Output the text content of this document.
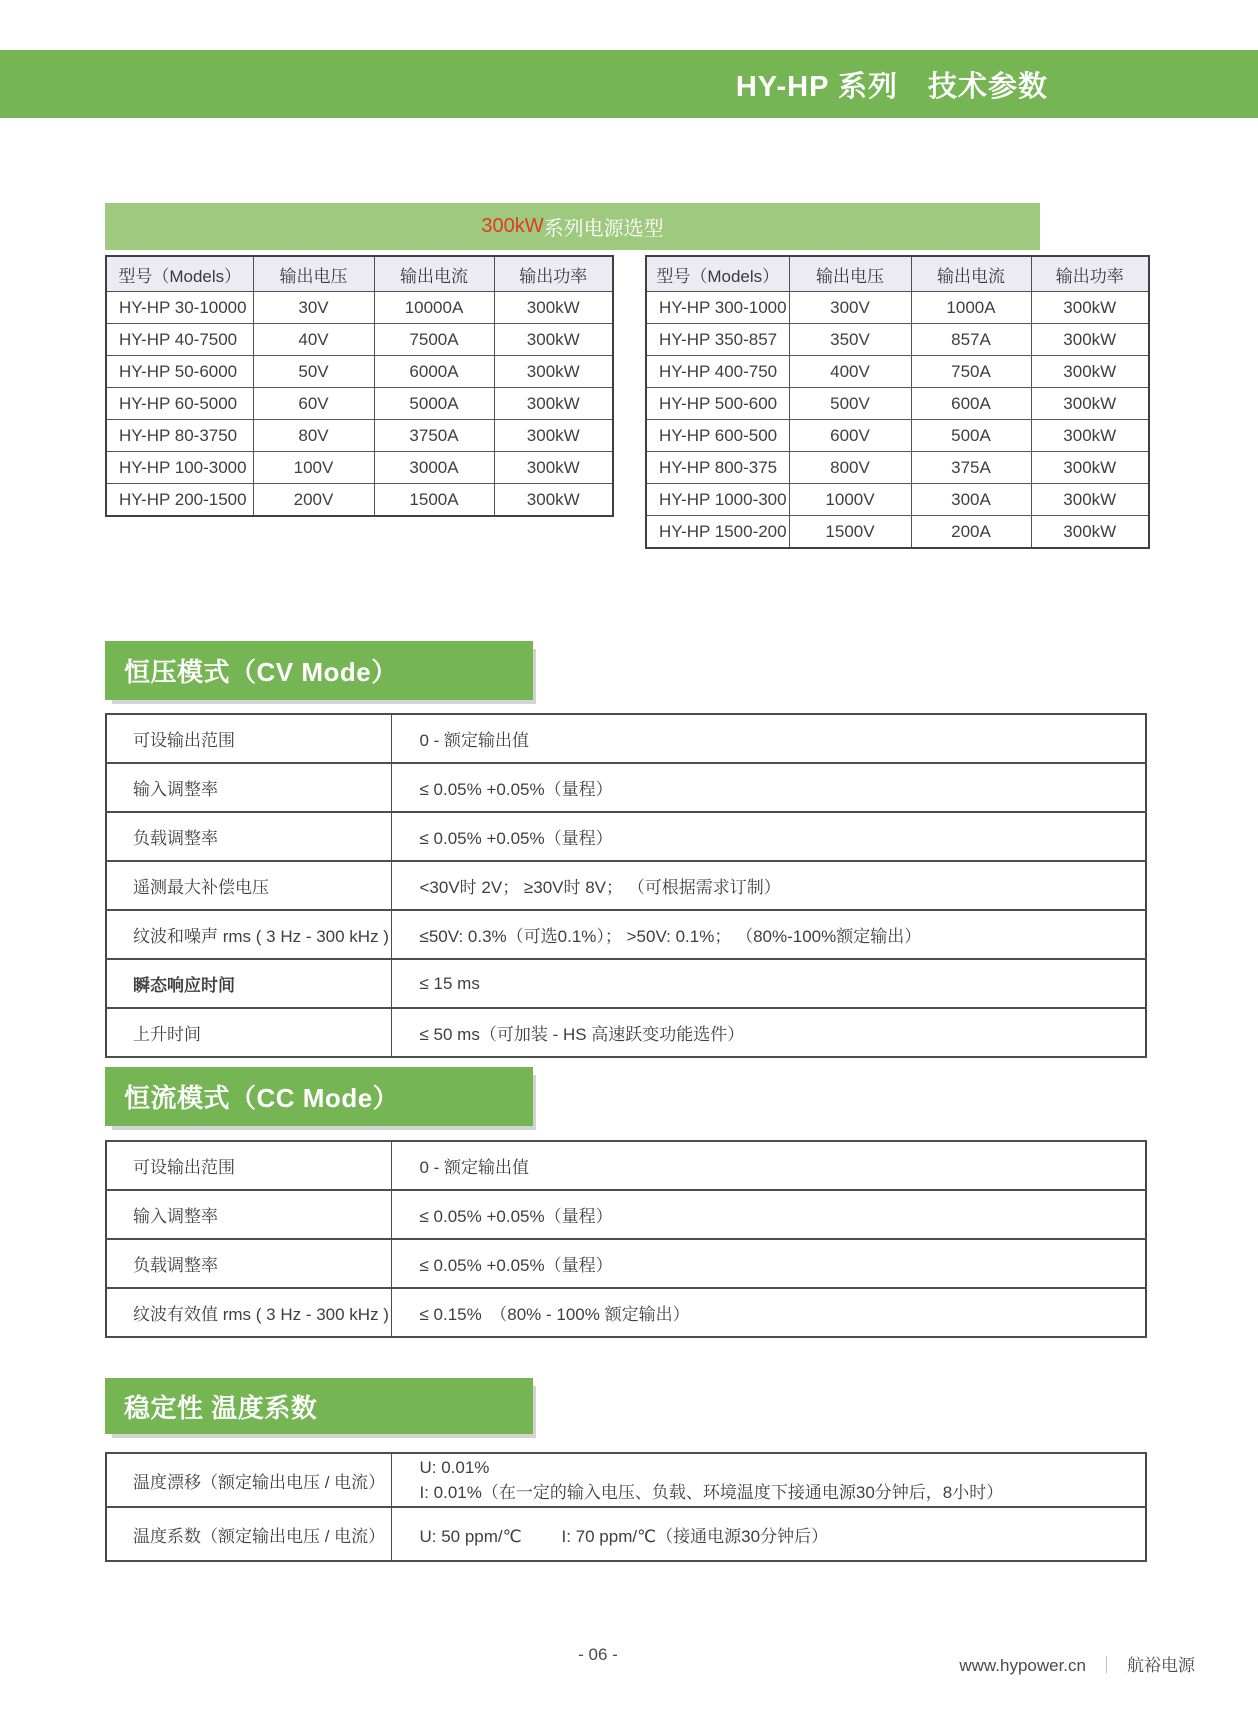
HY-HP 系列　技术参数
300kW 系列电源选型
型号（Models）	输出电压	输出电流	输出功率
HY-HP 30-10000	30V	10000A	300kW
HY-HP 40-7500	40V	7500A	300kW
HY-HP 50-6000	50V	6000A	300kW
HY-HP 60-5000	60V	5000A	300kW
HY-HP 80-3750	80V	3750A	300kW
HY-HP 100-3000	100V	3000A	300kW
HY-HP 200-1500	200V	1500A	300kW
型号（Models）	输出电压	输出电流	输出功率
HY-HP 300-1000	300V	1000A	300kW
HY-HP 350-857	350V	857A	300kW
HY-HP 400-750	400V	750A	300kW
HY-HP 500-600	500V	600A	300kW
HY-HP 600-500	600V	500A	300kW
HY-HP 800-375	800V	375A	300kW
HY-HP 1000-300	1000V	300A	300kW
HY-HP 1500-200	1500V	200A	300kW
恒压模式（CV Mode）
可设输出范围	0 - 额定输出值
输入调整率	≤ 0.05% +0.05%（量程）
负载调整率	≤ 0.05% +0.05%（量程）
遥测最大补偿电压	<30V时 2V； ≥30V时 8V； （可根据需求订制）
纹波和噪声 rms ( 3 Hz - 300 kHz )	≤50V: 0.3%（可选0.1%）； >50V: 0.1%； （80%-100%额定输出）
瞬态响应时间	≤ 15 ms
上升时间	≤ 50 ms（可加装 - HS 高速跃变功能选件）
恒流模式（CC Mode）
可设输出范围	0 - 额定输出值
输入调整率	≤ 0.05% +0.05%（量程）
负载调整率	≤ 0.05% +0.05%（量程）
纹波有效值 rms ( 3 Hz - 300 kHz )	≤ 0.15%　（80% - 100% 额定输出）
稳定性 温度系数
温度漂移（额定输出电压 / 电流）	U: 0.01%I: 0.01%（在一定的输入电压、负载、环境温度下接通电源30分钟后，8小时）
温度系数（额定输出电压 / 电流）	U: 50 ppm/℃ I: 70 ppm/℃（接通电源30分钟后）
- 06 -
www.hypower.cn ｜ 航裕电源
